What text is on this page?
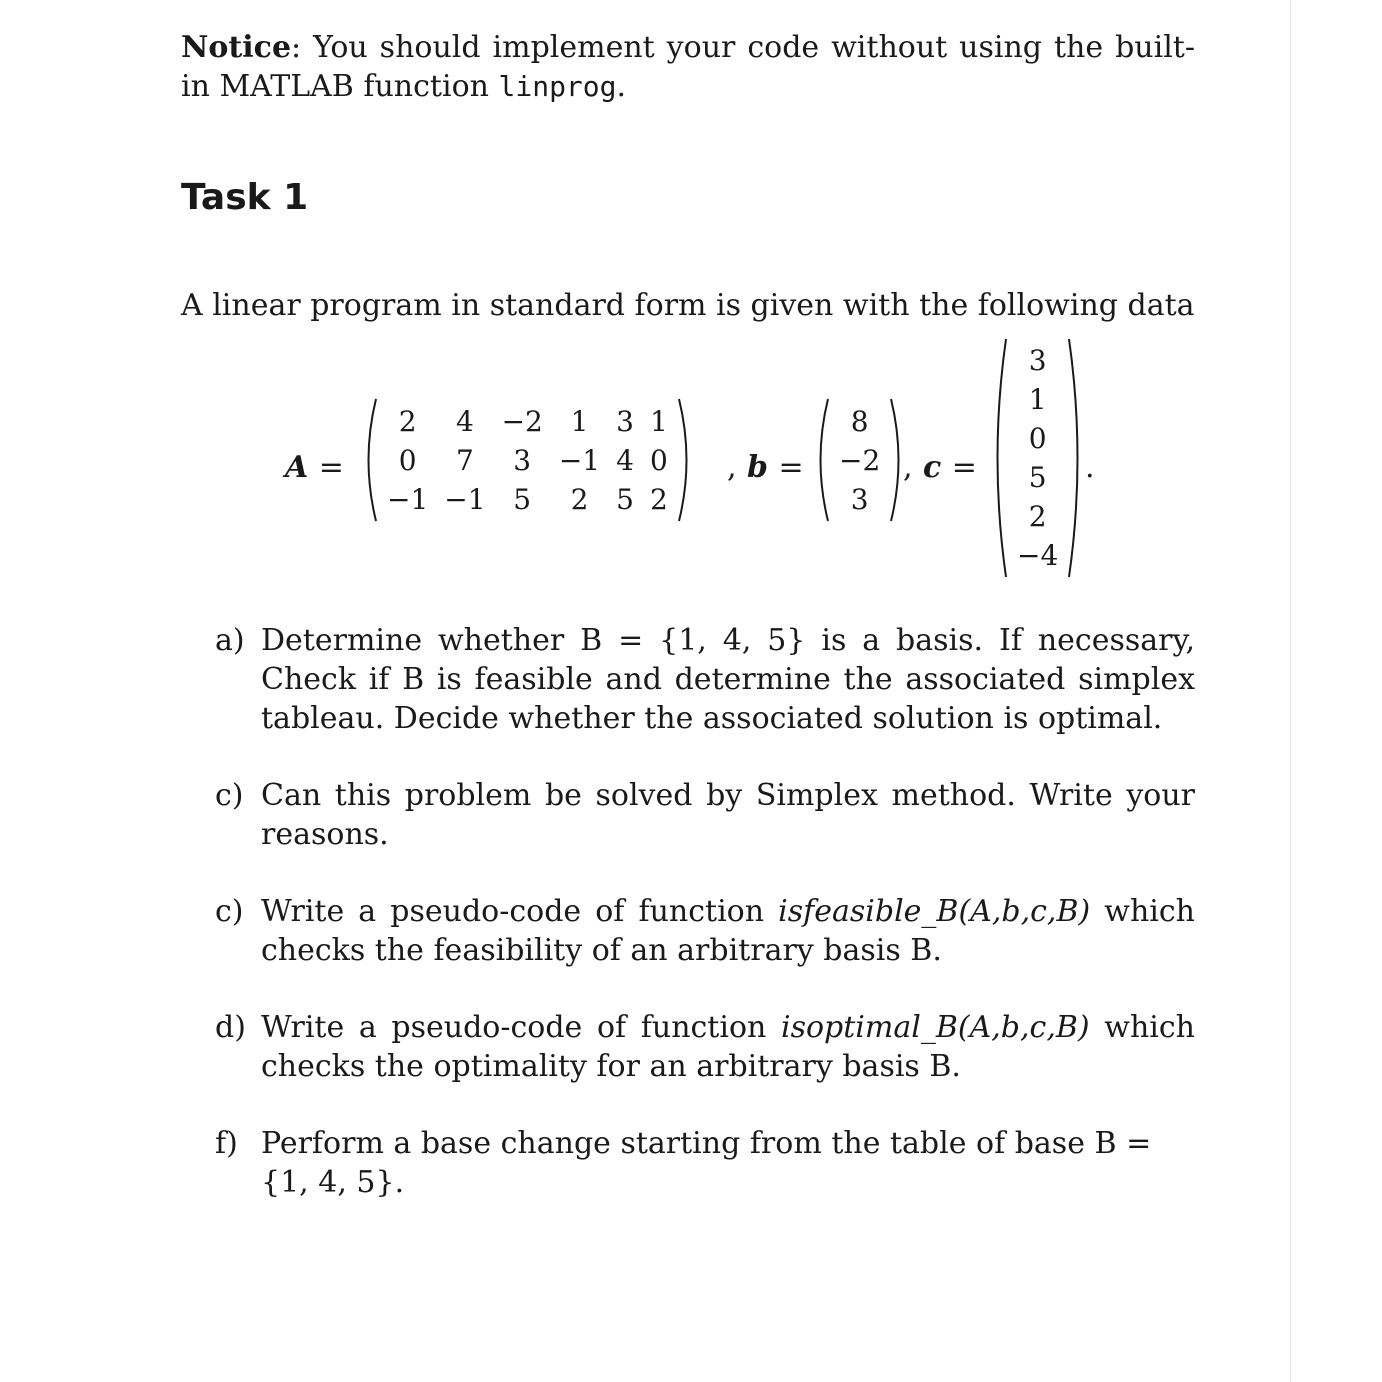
Notice: You should implement your code without using the built-in MATLAB function linprog.

Task 1

A linear program in standard form is given with the following data

A =
2	4	−2	1	3	1
0	7	3	−1	4	0
−1	−1	5	2	5	2
, b =
8
−2
3
, c =
3
1
0
5
2
−4
.
a) Determine whether B = {1, 4, 5} is a basis. If necessary, Check if B is feasible and determine the associated simplex tableau. Decide whether the associated solution is optimal.
c) Can this problem be solved by Simplex method. Write your reasons.
c) Write a pseudo-code of function isfeasible_B(A,b,c,B) which checks the feasibility of an arbitrary basis B.
d) Write a pseudo-code of function isoptimal_B(A,b,c,B) which checks the optimality for an arbitrary basis B.
f) Perform a base change starting from the table of base B = {1, 4, 5}.
